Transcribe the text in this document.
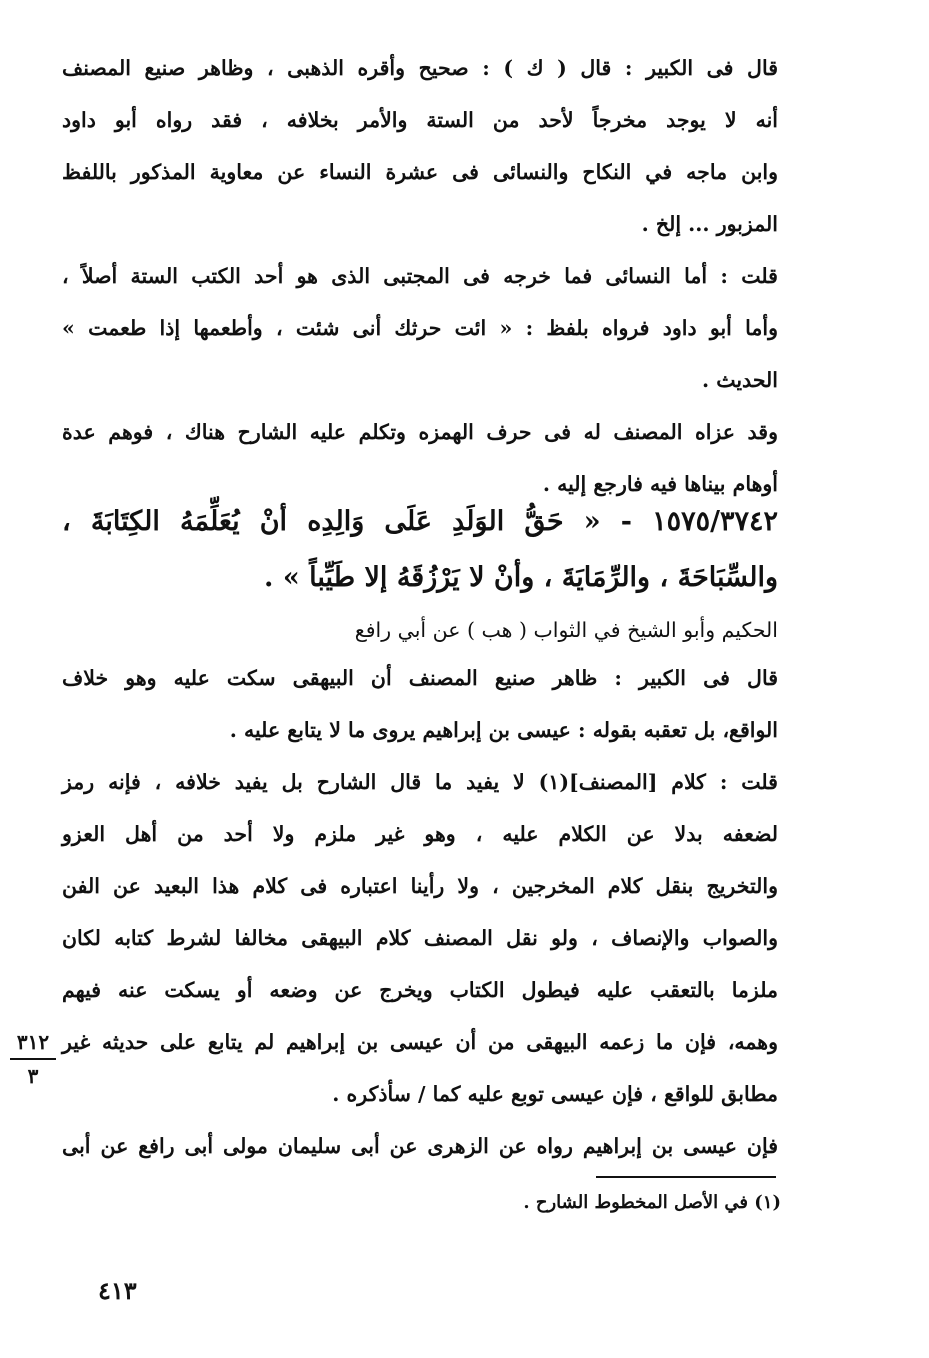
قال فى الكبير : قال ( ك ) : صحيح وأقره الذهبى ، وظاهر صنيع المصنف
أنه لا يوجد مخرجاً لأحد من الستة والأمر بخلافه ، فقد رواه أبو داود
وابن ماجه في النكاح والنسائى فى عشرة النساء عن معاوية المذكور باللفظ
المزبور ... إلخ .
قلت : أما النسائى فما خرجه فى المجتبى الذى هو أحد الكتب الستة أصلاً ،
وأما أبو داود فرواه بلفظ : « ائت حرثك أنى شئت ، وأطعمها إذا طعمت »
الحديث .
وقد عزاه المصنف له فى حرف الهمزه وتكلم عليه الشارح هناك ، فوهم عدة
أوهام بيناها فيه فارجع إليه .
١٥٧٥/٣٧٤٢ - « حَقُّ الوَلَدِ عَلَى وَالِدِه أنْ يُعَلِّمَهُ الكِتَابَةَ ،
والسِّبَاحَةَ ، والرِّمَايَةَ ، وأنْ لا يَرْزُقَهُ إلا طَيِّباً » .
الحكيم وأبو الشيخ في الثواب ( هب ) عن أبي رافع
قال فى الكبير : ظاهر صنيع المصنف أن البيهقى سكت عليه وهو خلاف
الواقع، بل تعقبه بقوله : عيسى بن إبراهيم يروى ما لا يتابع عليه .
قلت : كلام [المصنف](١) لا يفيد ما قال الشارح بل يفيد خلافه ، فإنه رمز
لضعفه بدلا عن الكلام عليه ، وهو غير ملزم ولا أحد من أهل العزو
والتخريج بنقل كلام المخرجين ، ولا رأينا اعتباره فى كلام هذا البعيد عن الفن
والصواب والإنصاف ، ولو نقل المصنف كلام البيهقى مخالفا لشرط كتابه لكان
ملزما بالتعقب عليه فيطول الكتاب ويخرج عن وضعه أو يسكت عنه فيهم
وهمه، فإن ما زعمه البيهقى من أن عيسى بن إبراهيم لم يتابع على حديثه غير
مطابق للواقع ، فإن عيسى توبع عليه كما / سأذكره .
فإن عيسى بن إبراهيم رواه عن الزهرى عن أبى سليمان مولى أبى رافع عن أبى
٣١٢
٣
(١) في الأصل المخطوط الشارح .
٤١٣
